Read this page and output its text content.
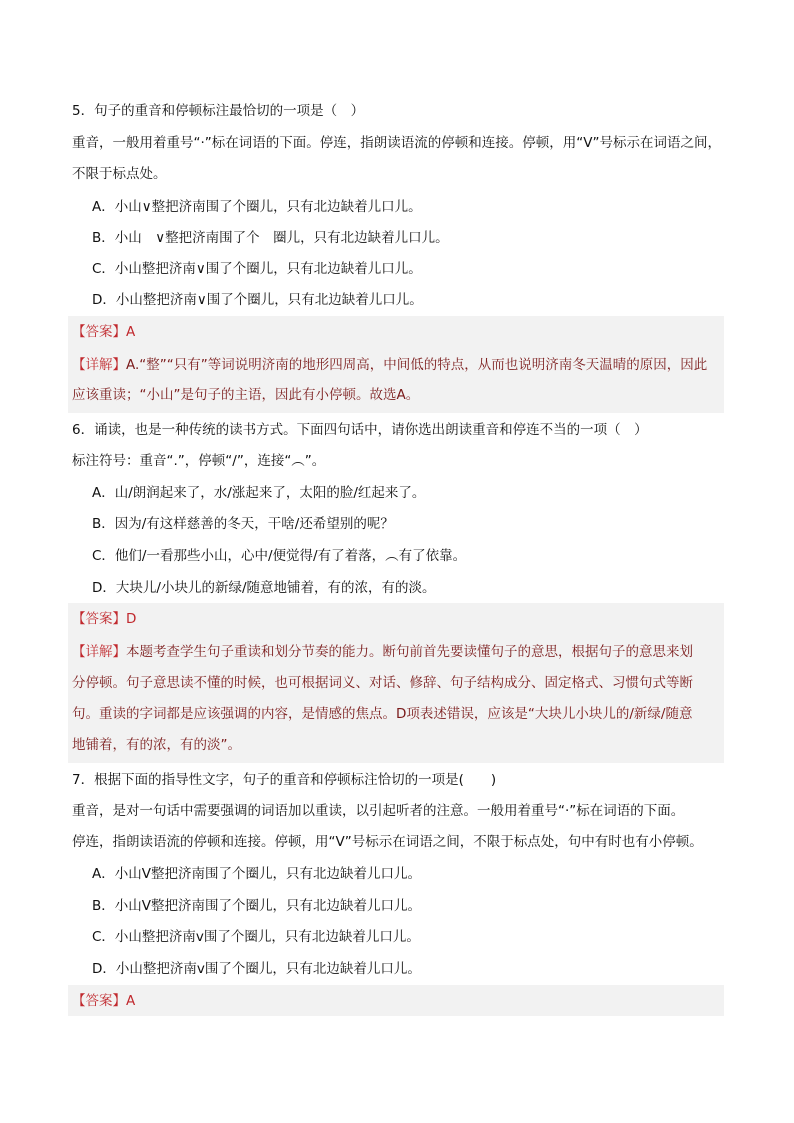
5．句子的重音和停顿标注最恰切的一项是（　）
重音，一般用着重号“·”标在词语的下面。停连，指朗读语流的停顿和连接。停顿，用“V”号标示在词语之间，
不限于标点处。
A．小山∨整把济南围了个圈儿，只有北边缺着儿口儿。
B．小山　∨整把济南围了个　圈儿，只有北边缺着儿口儿。
C．小山整把济南∨围了个圈儿，只有北边缺着儿口儿。
D．小山整把济南∨围了个圈儿，只有北边缺着儿口儿。
【答案】A
【详解】A.“整”“只有”等词说明济南的地形四周高，中间低的特点，从而也说明济南冬天温晴的原因，因此
应该重读；“小山”是句子的主语，因此有小停顿。故选A。
6．诵读，也是一种传统的读书方式。下面四句话中，请你选出朗读重音和停连不当的一项（　）
标注符号：重音“.”，停顿“/”，连接“︵”。
A．山/朗润起来了，水/涨起来了，太阳的脸/红起来了。
B．因为/有这样慈善的冬天，干啥/还希望别的呢？
C．他们/一看那些小山，心中/便觉得/有了着落，︵有了依靠。
D．大块儿/小块儿的新绿/随意地铺着，有的浓，有的淡。
【答案】D
【详解】本题考查学生句子重读和划分节奏的能力。断句前首先要读懂句子的意思，根据句子的意思来划
分停顿。句子意思读不懂的时候，也可根据词义、对话、修辞、句子结构成分、固定格式、习惯句式等断
句。重读的字词都是应该强调的内容，是情感的焦点。D项表述错误，应该是“大块儿小块儿的/新绿/随意
地铺着，有的浓，有的淡”。
7．根据下面的指导性文字，句子的重音和停顿标注恰切的一项是(　　)
重音，是对一句话中需要强调的词语加以重读，以引起听者的注意。一般用着重号“·”标在词语的下面。
停连，指朗读语流的停顿和连接。停顿，用“V”号标示在词语之间，不限于标点处，句中有时也有小停顿。
A．小山V整把济南围了个圈儿，只有北边缺着儿口儿。
B．小山V整把济南围了个圈儿，只有北边缺着儿口儿。
C．小山整把济南v围了个圈儿，只有北边缺着儿口儿。
D．小山整把济南v围了个圈儿，只有北边缺着儿口儿。
【答案】A
